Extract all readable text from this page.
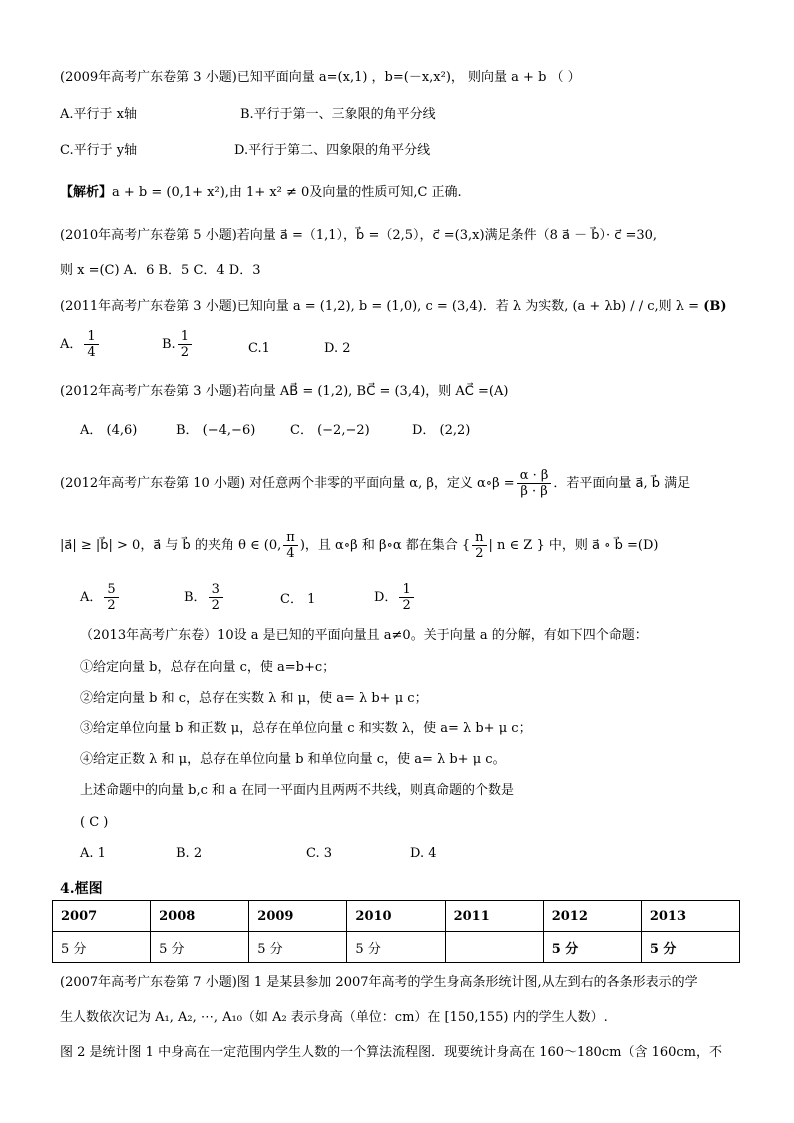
(2009年高考广东卷第 3 小题)已知平面向量 a=(x,1) ，b=(－x,x²)， 则向量 a + b （ ）
A.平行于 x轴	B.平行于第一、三象限的角平分线
C.平行于 y轴	D.平行于第二、四象限的角平分线
【解析】a + b = (0,1+ x²),由 1+ x² ≠ 0及向量的性质可知,C 正确.
(2010年高考广东卷第 5 小题)若向量 a⃗ =（1,1），b⃗ =（2,5），c⃗ =(3,x)满足条件（8 a⃗ － b⃗）· c⃗ =30,
则 x =(C) A．6 B．5 C．4 D．3
(2011年高考广东卷第 3 小题)已知向量 a = (1,2), b = (1,0), c = (3,4)．若 λ 为实数, (a + λb) / / c,则 λ = (B)
A． $\frac{1}{4}$	B. $\frac{1}{2}$	C.1	D. 2
(2012年高考广东卷第 3 小题)若向量 AB⃗ = (1,2), BC⃗ = (3,4)，则 AC⃗ =(A)
A． (4,6)	B． (−4,−6)	C． (−2,−2)	D． (2,2)
(2012年高考广东卷第 10 小题) 对任意两个非零的平面向量 α, β，定义 α∘β = $\frac{\alpha \cdot \beta}{\beta \cdot \beta}$ ．若平面向量 a⃗, b⃗ 满足
|a⃗| ≥ |b⃗| > 0，a⃗ 与 b⃗ 的夹角 θ ∈ (0, $\frac{\pi}{4}$ )，且 α∘β 和 β∘α 都在集合 { $\frac{n}{2}$ | n ∈ Z } 中，则 a⃗ ∘ b⃗ =(D)
A． $\frac{5}{2}$	B． $\frac{3}{2}$	C． 1	D． $\frac{1}{2}$
（2013年高考广东卷）10设 a 是已知的平面向量且 a≠0。关于向量 a 的分解，有如下四个命题：
①给定向量 b，总存在向量 c，使 a=b+c；
②给定向量 b 和 c，总存在实数 λ 和 μ，使 a= λ b+ μ c；
③给定单位向量 b 和正数 μ，总存在单位向量 c 和实数 λ，使 a= λ b+ μ c；
④给定正数 λ 和 μ，总存在单位向量 b 和单位向量 c，使 a= λ b+ μ c。
上述命题中的向量 b,c 和 a 在同一平面内且两两不共线，则真命题的个数是
( C )
A. 1	B. 2	C. 3	D. 4
4.框图
2007	2008	2009	2010	2011	2012	2013
5 分	5 分	5 分	5 分		5 分	5 分
(2007年高考广东卷第 7 小题)图 1 是某县参加 2007年高考的学生身高条形统计图,从左到右的各条形表示的学
生人数依次记为 A₁, A₂, ⋯, A₁₀（如 A₂ 表示身高（单位：cm）在 [150,155) 内的学生人数）.
图 2 是统计图 1 中身高在一定范围内学生人数的一个算法流程图．现要统计身高在 160～180cm（含 160cm，不
